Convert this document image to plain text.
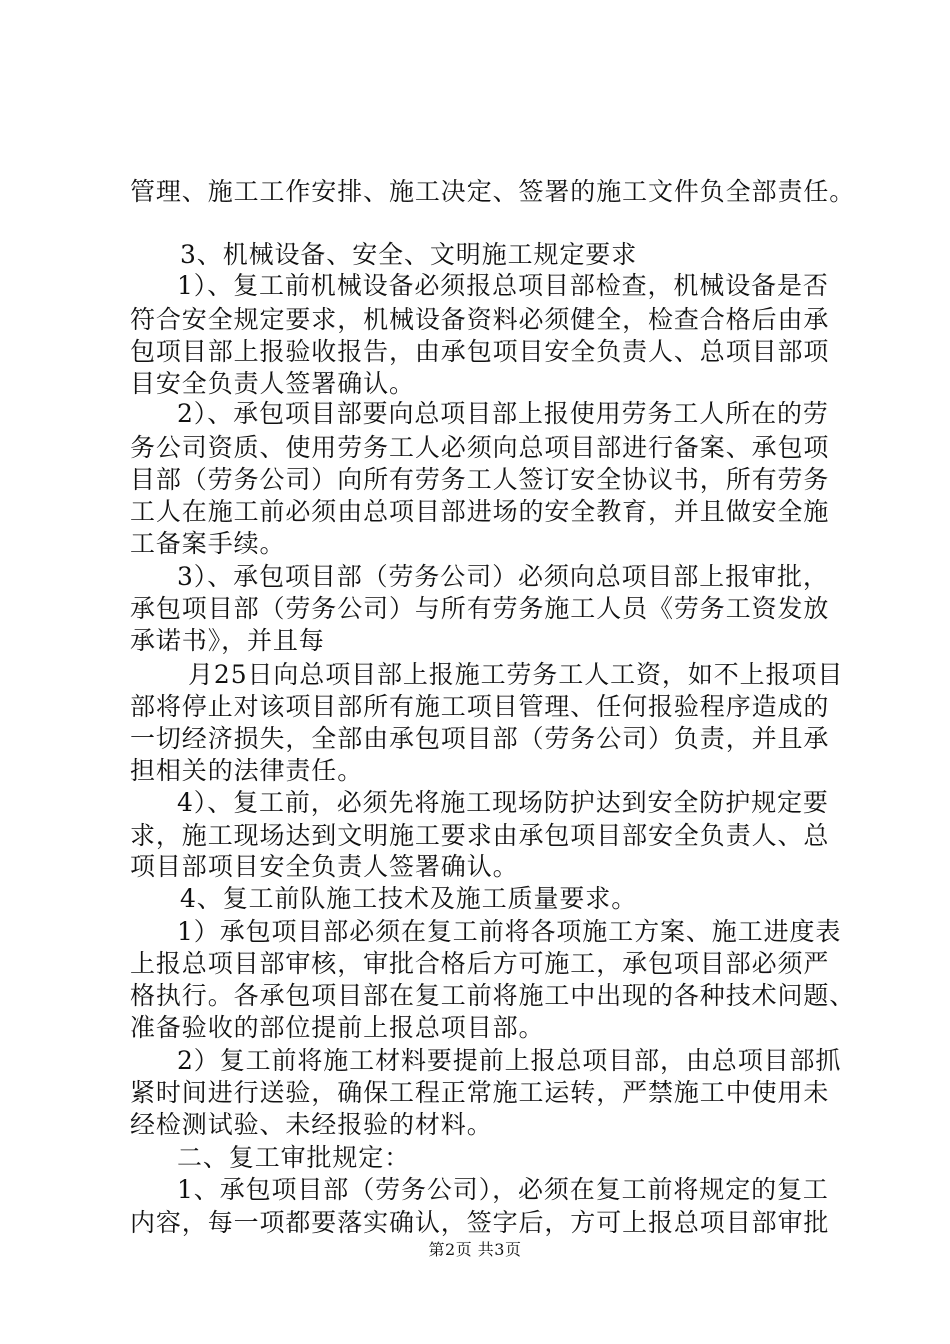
管理、施工工作安排、施工决定、签署的施工文件负全部责任。
3、机械设备、安全、文明施工规定要求
1）、复工前机械设备必须报总项目部检查，机械设备是否
符合安全规定要求，机械设备资料必须健全，检查合格后由承
包项目部上报验收报告，由承包项目安全负责人、总项目部项
目安全负责人签署确认。
2）、承包项目部要向总项目部上报使用劳务工人所在的劳
务公司资质、使用劳务工人必须向总项目部进行备案、承包项
目部（劳务公司）向所有劳务工人签订安全协议书，所有劳务
工人在施工前必须由总项目部进场的安全教育，并且做安全施
工备案手续。
3）、承包项目部（劳务公司）必须向总项目部上报审批，
承包项目部（劳务公司）与所有劳务施工人员《劳务工资发放
承诺书》，并且每
月25日向总项目部上报施工劳务工人工资，如不上报项目
部将停止对该项目部所有施工项目管理、任何报验程序造成的
一切经济损失，全部由承包项目部（劳务公司）负责，并且承
担相关的法律责任。
4）、复工前，必须先将施工现场防护达到安全防护规定要
求，施工现场达到文明施工要求由承包项目部安全负责人、总
项目部项目安全负责人签署确认。
4、复工前队施工技术及施工质量要求。
1）承包项目部必须在复工前将各项施工方案、施工进度表
上报总项目部审核，审批合格后方可施工，承包项目部必须严
格执行。各承包项目部在复工前将施工中出现的各种技术问题、
准备验收的部位提前上报总项目部。
2）复工前将施工材料要提前上报总项目部，由总项目部抓
紧时间进行送验，确保工程正常施工运转，严禁施工中使用未
经检测试验、未经报验的材料。
二、复工审批规定：
1、承包项目部（劳务公司），必须在复工前将规定的复工
内容，每一项都要落实确认，签字后，方可上报总项目部审批
第2页 共3页
